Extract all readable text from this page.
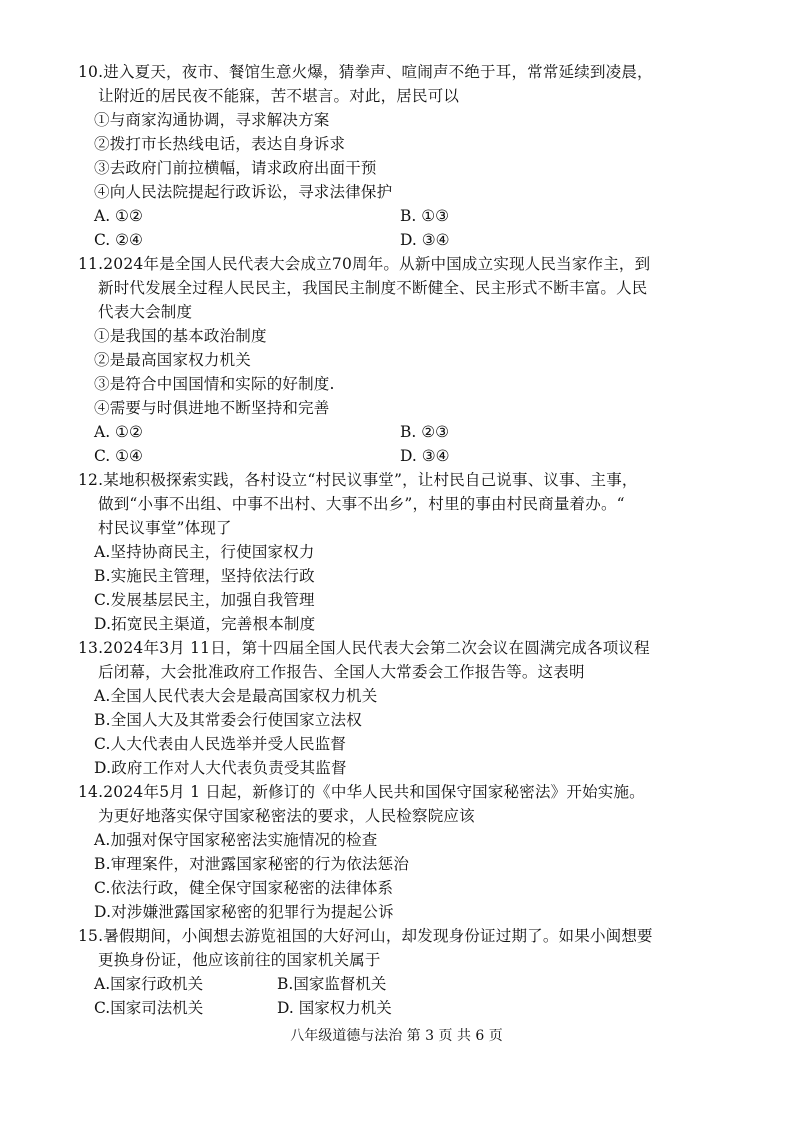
10.进入夏天，夜市、餐馆生意火爆，猜拳声、喧闹声不绝于耳，常常延续到凌晨，
让附近的居民夜不能寐，苦不堪言。对此，居民可以
①与商家沟通协调，寻求解决方案
②拨打市长热线电话，表达自身诉求
③去政府门前拉横幅，请求政府出面干预
④向人民法院提起行政诉讼，寻求法律保护
A. ①②	B. ①③
C. ②④	D. ③④
11.2024年是全国人民代表大会成立70周年。从新中国成立实现人民当家作主，到
新时代发展全过程人民民主，我国民主制度不断健全、民主形式不断丰富。人民
代表大会制度
①是我国的基本政治制度
②是最高国家权力机关
③是符合中国国情和实际的好制度.
④需要与时俱进地不断坚持和完善
A. ①②	B. ②③
C. ①④	D. ③④
12.某地积极探索实践，各村设立“村民议事堂”，让村民自己说事、议事、主事，
做到“小事不出组、中事不出村、大事不出乡”，村里的事由村民商量着办。“
村民议事堂”体现了
A.坚持协商民主，行使国家权力
B.实施民主管理，坚持依法行政
C.发展基层民主，加强自我管理
D.拓宽民主渠道，完善根本制度
13.2024年3月 11日，第十四届全国人民代表大会第二次会议在圆满完成各项议程
后闭幕，大会批准政府工作报告、全国人大常委会工作报告等。这表明
A.全国人民代表大会是最高国家权力机关
B.全国人大及其常委会行使国家立法权
C.人大代表由人民选举并受人民监督
D.政府工作对人大代表负责受其监督
14.2024年5月 1 日起，新修订的《中华人民共和国保守国家秘密法》开始实施。
为更好地落实保守国家秘密法的要求，人民检察院应该
A.加强对保守国家秘密法实施情况的检查
B.审理案件，对泄露国家秘密的行为依法惩治
C.依法行政，健全保守国家秘密的法律体系
D.对涉嫌泄露国家秘密的犯罪行为提起公诉
15.暑假期间，小闽想去游览祖国的大好河山，却发现身份证过期了。如果小闽想要
更换身份证，他应该前往的国家机关属于
A.国家行政机关	B.国家监督机关
C.国家司法机关	D. 国家权力机关
八年级道德与法治 第 3 页 共 6 页
